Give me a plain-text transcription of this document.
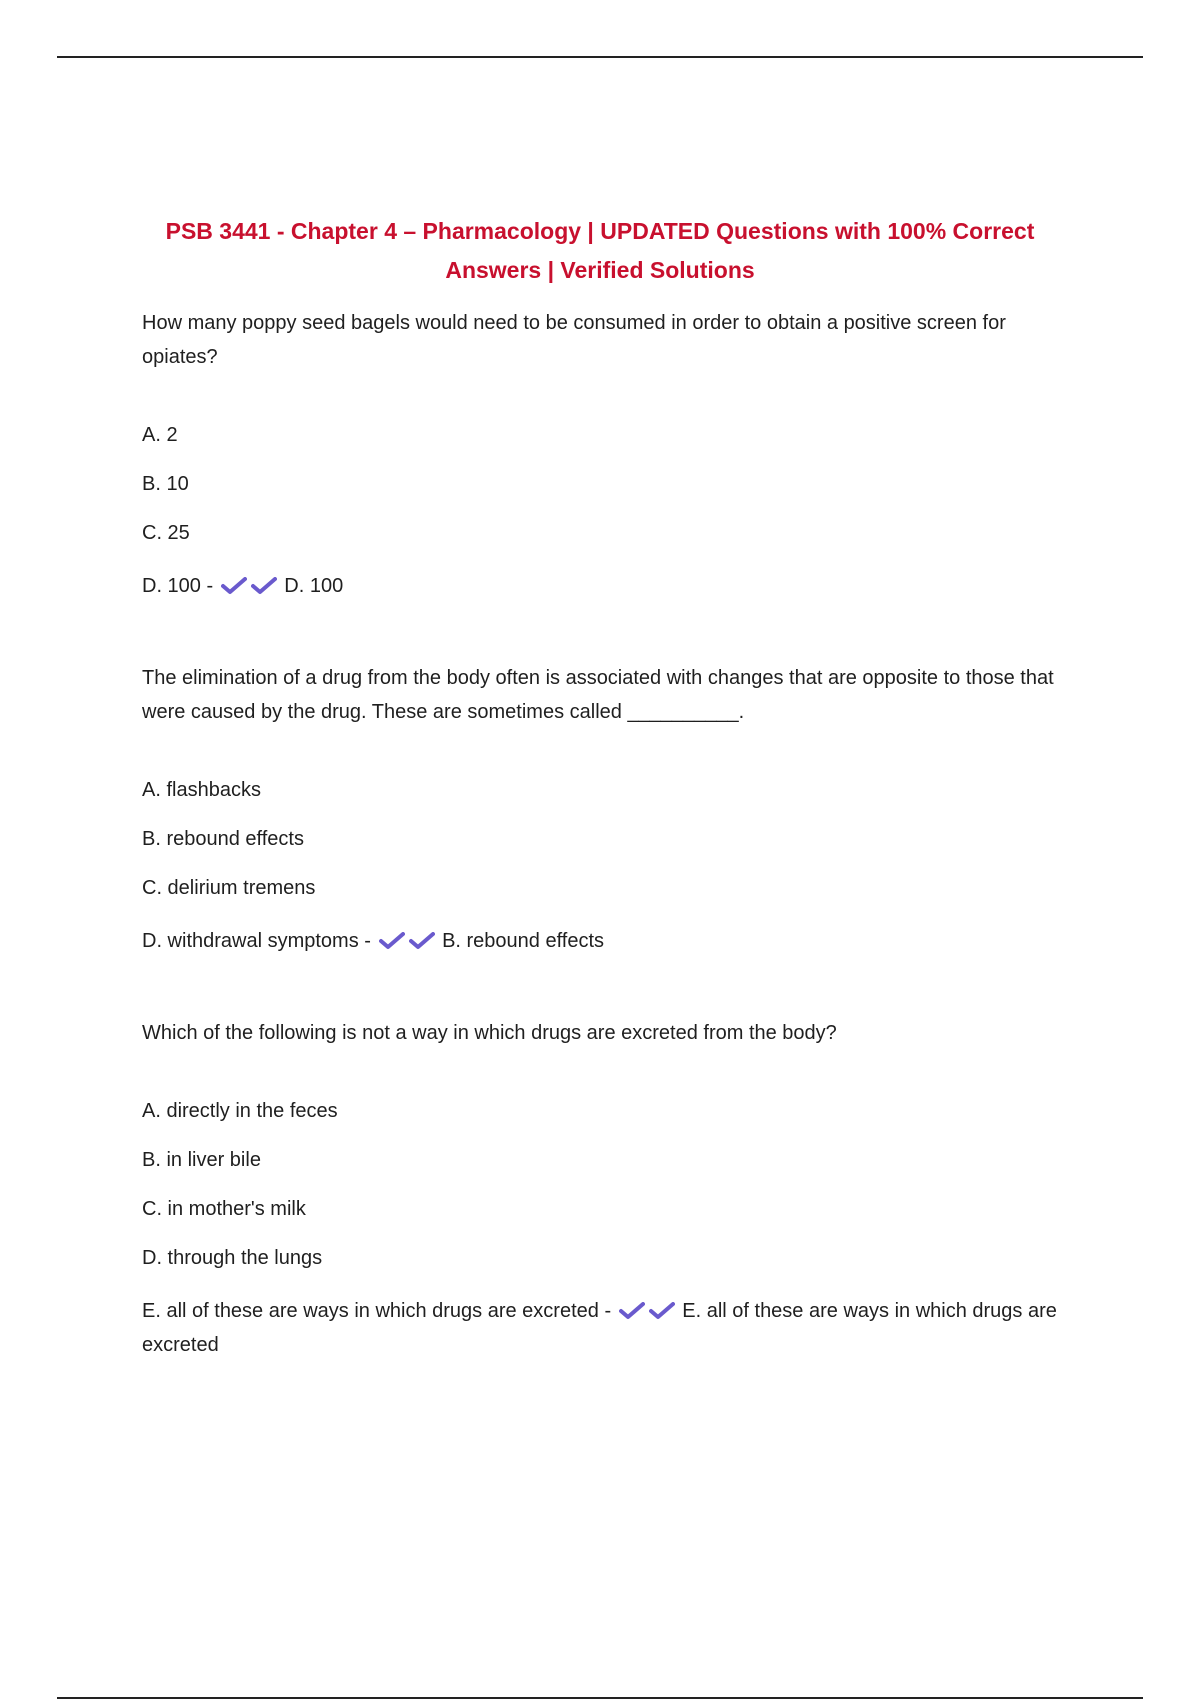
PSB 3441 - Chapter 4 – Pharmacology | UPDATED Questions with 100% Correct
Answers | Verified Solutions

How many poppy seed bagels would need to be consumed in order to obtain a positive screen for opiates?

A. 2
B. 10
C. 25
D. 100 -	D. 100

The elimination of a drug from the body often is associated with changes that are opposite to those that were caused by the drug. These are sometimes called __________.

A. flashbacks
B. rebound effects
C. delirium tremens
D. withdrawal symptoms -	B. rebound effects

Which of the following is not a way in which drugs are excreted from the body?

A. directly in the feces
B. in liver bile
C. in mother's milk
D. through the lungs
E. all of these are ways in which drugs are excreted -	E. all of these are ways in which drugs are excreted
